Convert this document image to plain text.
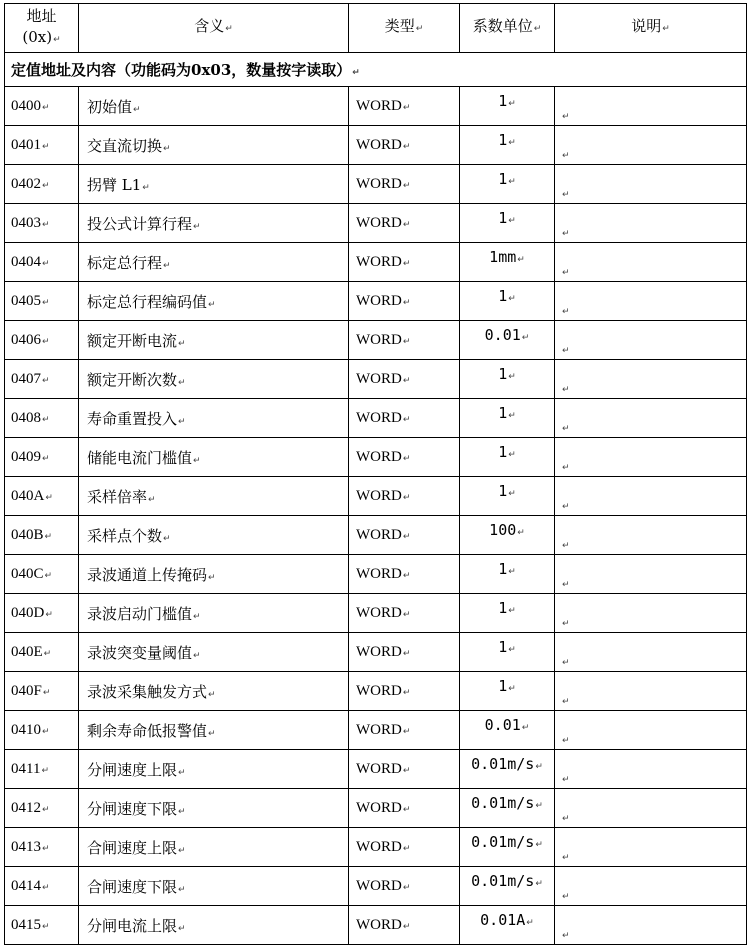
地址
(0x)↵	含义↵	类型↵	系数单位↵	说明↵
定值地址及内容（功能码为0x03，数量按字读取）↵				
0400↵	初始值↵	WORD↵	1↵	↵
0401↵	交直流切换↵	WORD↵	1↵	↵
0402↵	拐臂 L1↵	WORD↵	1↵	↵
0403↵	投公式计算行程↵	WORD↵	1↵	↵
0404↵	标定总行程↵	WORD↵	1mm↵	↵
0405↵	标定总行程编码值↵	WORD↵	1↵	↵
0406↵	额定开断电流↵	WORD↵	0.01↵	↵
0407↵	额定开断次数↵	WORD↵	1↵	↵
0408↵	寿命重置投入↵	WORD↵	1↵	↵
0409↵	储能电流门槛值↵	WORD↵	1↵	↵
040A↵	采样倍率↵	WORD↵	1↵	↵
040B↵	采样点个数↵	WORD↵	100↵	↵
040C↵	录波通道上传掩码↵	WORD↵	1↵	↵
040D↵	录波启动门槛值↵	WORD↵	1↵	↵
040E↵	录波突变量阈值↵	WORD↵	1↵	↵
040F↵	录波采集触发方式↵	WORD↵	1↵	↵
0410↵	剩余寿命低报警值↵	WORD↵	0.01↵	↵
0411↵	分闸速度上限↵	WORD↵	0.01m/s↵	↵
0412↵	分闸速度下限↵	WORD↵	0.01m/s↵	↵
0413↵	合闸速度上限↵	WORD↵	0.01m/s↵	↵
0414↵	合闸速度下限↵	WORD↵	0.01m/s↵	↵
0415↵	分闸电流上限↵	WORD↵	0.01A↵	↵
